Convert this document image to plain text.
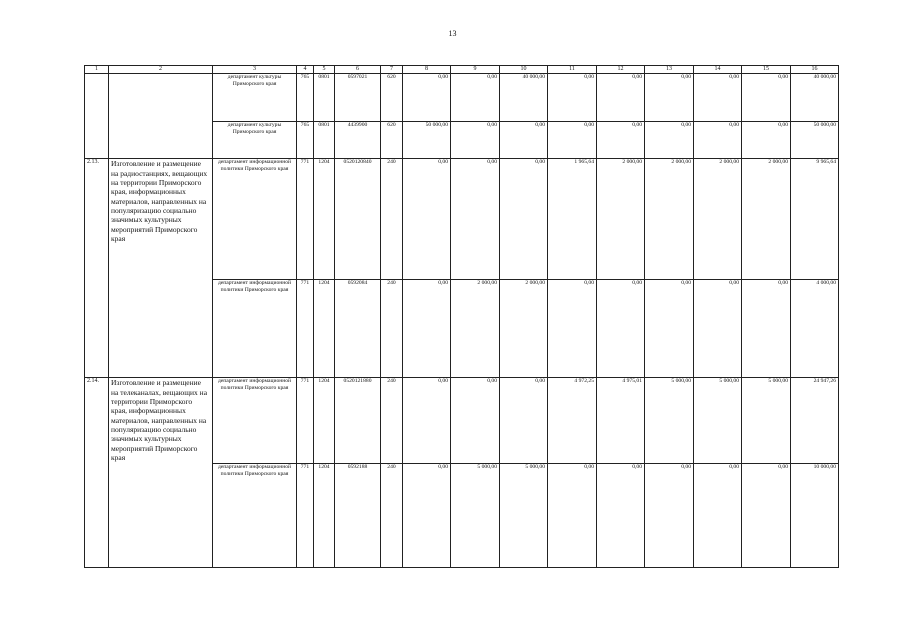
13
1	2	3	4	5	6	7	8	9	10	11	12	13	14	15	16
		департамент культуры Приморского края	765	0801	0597021	620	0,00	0,00	40 000,00	0,00	0,00	0,00	0,00	0,00	40 000,00
		департамент культуры Приморского края	765	0801	4439900	620	50 000,00	0,00	0,00	0,00	0,00	0,00	0,00	0,00	50 000,00
2.13.	Изготовление и размещение на радиостанциях, вещающих на территории Приморского края, информационных материалов, направленных на популяризацию социально значимых культурных мероприятий Приморского края	департамент информационной политики Приморского края	771	1204	0520120840	240	0,00	0,00	0,00	1 965,64	2 000,00	2 000,00	2 000,00	2 000,00	9 965,64
		департамент информационной политики Приморского края	771	1204	0592084	240	0,00	2 000,00	2 000,00	0,00	0,00	0,00	0,00	0,00	4 000,00
2.14.	Изготовление и размещение на телеканалах, вещающих на территории Приморского края, информационных материалов, направленных на популяризацию социально значимых культурных мероприятий Приморского края	департамент информационной политики Приморского края	771	1204	0520121880	240	0,00	0,00	0,00	4 972,25	4 975,01	5 000,00	5 000,00	5 000,00	24 947,26
		департамент информационной политики Приморского края	771	1204	0592188	240	0,00	5 000,00	5 000,00	0,00	0,00	0,00	0,00	0,00	10 000,00
